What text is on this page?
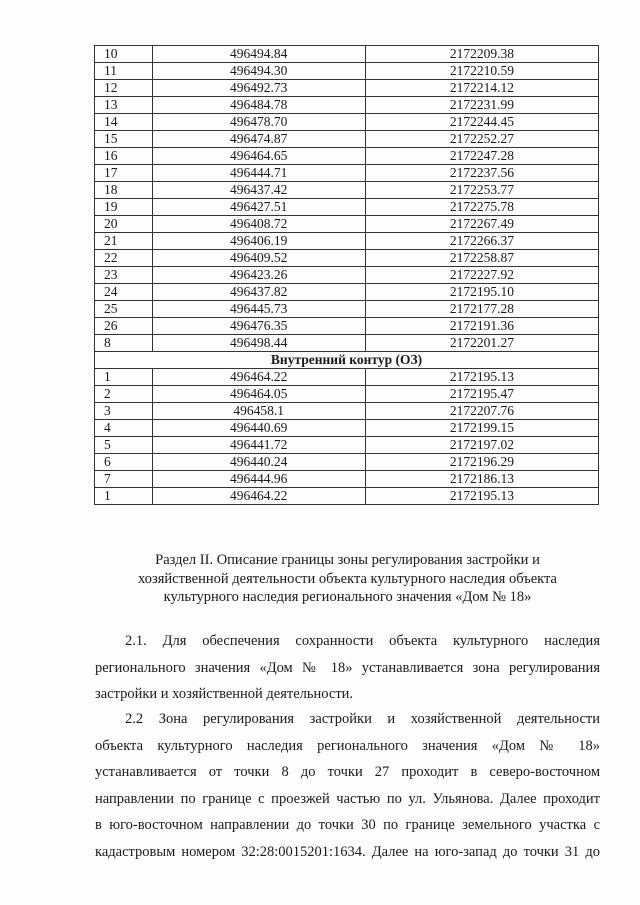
10	496494.84	2172209.38
11	496494.30	2172210.59
12	496492.73	2172214.12
13	496484.78	2172231.99
14	496478.70	2172244.45
15	496474.87	2172252.27
16	496464.65	2172247.28
17	496444.71	2172237.56
18	496437.42	2172253.77
19	496427.51	2172275.78
20	496408.72	2172267.49
21	496406.19	2172266.37
22	496409.52	2172258.87
23	496423.26	2172227.92
24	496437.82	2172195.10
25	496445.73	2172177.28
26	496476.35	2172191.36
8	496498.44	2172201.27
Внутренний контур (ОЗ)		
1	496464.22	2172195.13
2	496464.05	2172195.47
3	496458.1	2172207.76
4	496440.69	2172199.15
5	496441.72	2172197.02
6	496440.24	2172196.29
7	496444.96	2172186.13
1	496464.22	2172195.13
Раздел II. Описание границы зоны регулирования застройки и
хозяйственной деятельности объекта культурного наследия объекта
культурного наследия регионального значения «Дом № 18»
2.1. Для обеспечения сохранности объекта культурного наследия
регионального значения «Дом № 18» устанавливается зона регулирования
застройки и хозяйственной деятельности.
2.2 Зона регулирования застройки и хозяйственной деятельности
объекта культурного наследия регионального значения «Дом № 18»
устанавливается от точки 8 до точки 27 проходит в северо-восточном
направлении по границе с проезжей частью по ул. Ульянова. Далее проходит
в юго-восточном направлении до точки 30 по границе земельного участка с
кадастровым номером 32:28:0015201:1634. Далее на юго-запад до точки 31 до
